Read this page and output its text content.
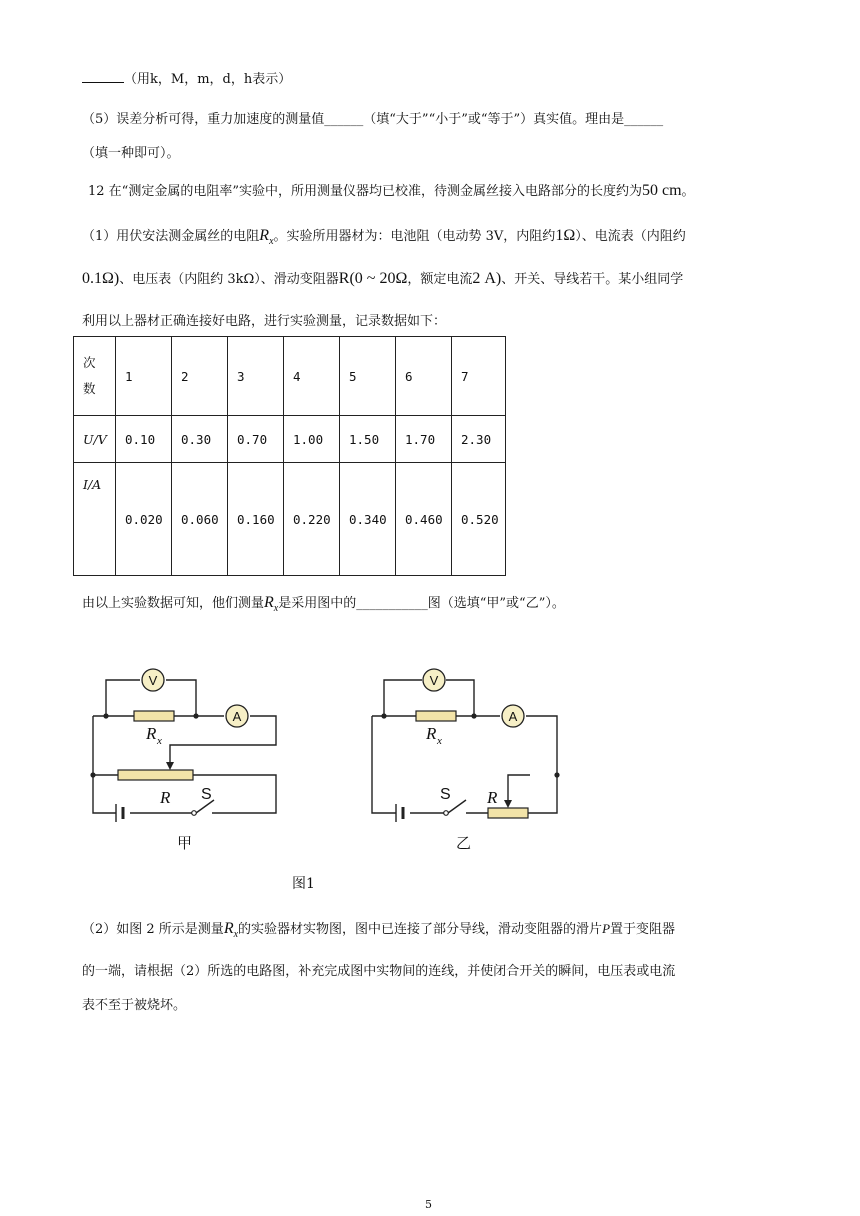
（用k，M，m，d，h表示）
（5）误差分析可得，重力加速度的测量值______（填“大于”“小于”或“等于”）真实值。理由是______
（填一种即可）。
12 在“测定金属的电阻率”实验中，所用测量仪器均已校准，待测金属丝接入电路部分的长度约为50 cm。
（1）用伏安法测金属丝的电阻$R_x$。实验所用器材为：电池阻（电动势 3V，内阻约1Ω）、电流表（内阻约
0.1Ω)、电压表（内阻约 3kΩ）、滑动变阻器R(0 ~ 20Ω，额定电流2 A)、开关、导线若干。某小组同学
利用以上器材正确连接好电路，进行实验测量，记录数据如下：
次
数	1	2	3	4	5	6	7
U/V	0.10	0.30	0.70	1.00	1.50	1.70	2.30
I/A	0.020	0.060	0.160	0.220	0.340	0.460	0.520
由以上实验数据可知，他们测量$R_x$是采用图中的___________图（选填“甲”或“乙”）。
V
A
V
A
R x
R
R x
R
S	S
甲	乙
图1
（2）如图 2 所示是测量$R_x$的实验器材实物图，图中已连接了部分导线，滑动变阻器的滑片P置于变阻器
的一端，请根据（2）所选的电路图，补充完成图中实物间的连线，并使闭合开关的瞬间，电压表或电流
表不至于被烧坏。
5
